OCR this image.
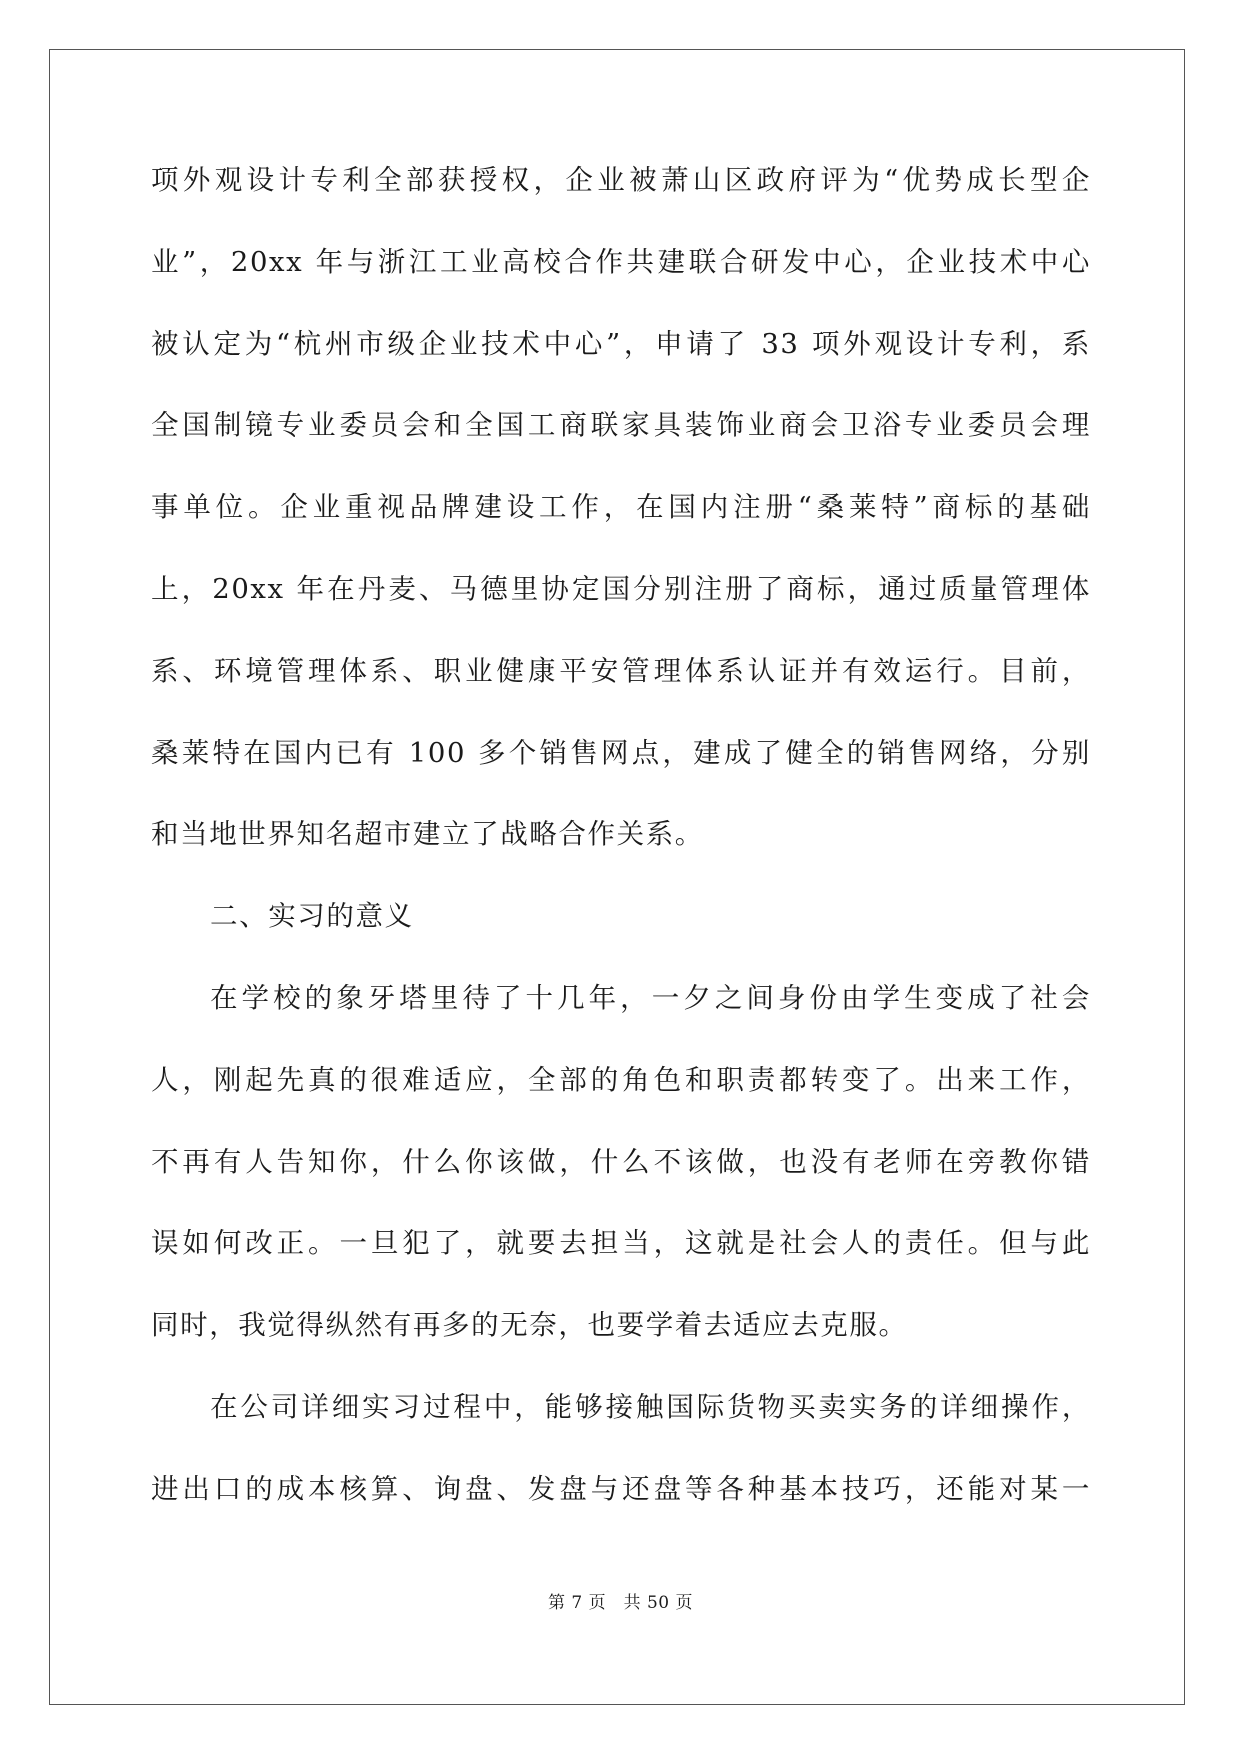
项外观设计专利全部获授权，企业被萧山区政府评为“优势成长型企
业”，20xx 年与浙江工业高校合作共建联合研发中心，企业技术中心
被认定为“杭州市级企业技术中心”，申请了 33 项外观设计专利，系
全国制镜专业委员会和全国工商联家具装饰业商会卫浴专业委员会理
事单位。企业重视品牌建设工作，在国内注册“桑莱特”商标的基础
上，20xx 年在丹麦、马德里协定国分别注册了商标，通过质量管理体
系、环境管理体系、职业健康平安管理体系认证并有效运行。目前，
桑莱特在国内已有 100 多个销售网点，建成了健全的销售网络，分别
和当地世界知名超市建立了战略合作关系。
二、实习的意义
在学校的象牙塔里待了十几年，一夕之间身份由学生变成了社会
人，刚起先真的很难适应，全部的角色和职责都转变了。出来工作，
不再有人告知你，什么你该做，什么不该做，也没有老师在旁教你错
误如何改正。一旦犯了，就要去担当，这就是社会人的责任。但与此
同时，我觉得纵然有再多的无奈，也要学着去适应去克服。
在公司详细实习过程中，能够接触国际货物买卖实务的详细操作，
进出口的成本核算、询盘、发盘与还盘等各种基本技巧，还能对某一
第 7 页　共 50 页
